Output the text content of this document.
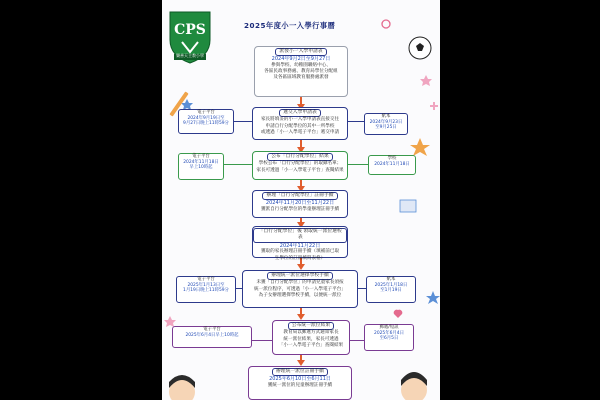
CPS
樂善天主教小學
2025年度小一入學行事曆
派發小一入學申請表
2024年9月2日至9月27日
參與學校、幼稚園聯絡中心、
各區民政事務處、教育局學位分配組
及各區區域教育服務處派發
遞交入學申請表
家長將填妥的小一入學申請表直接交往
申請自行分配學位的其中一所學校
或透過「小一入學電子平台」遞交申請
電子平台
2024年9月19日至
9月27日晚上11時59分
紙本
2024年9月23日
至9月25日
公布「自行分配學位」結果
學校公布「自行分配學位」的取錄名單；
家長可透過「小一入學電子平台」查閱結果
電子平台
2024年11月18日
早上10時起
學校
2024年11月18日
辦理「自行分配學位」註冊手續
2024年11月20日至11月22日
獲派自行分配學位的學童辦理註冊手續
「自行分配學位」後 領取統一派位選校表
2024年11月22日
獲取的家長辦理註冊手續（填補前已取
生學位的註冊填寫表格）
辦理統一派位選擇學校手續
未獲「自行分配學位」的申請兒童家長須按
統一派位程序，可透過「小一入學電子平台」
為子女辦理選擇學校手續，以便統一派位
電子平台
2025年1月13日至
1月19日晚上11時59分
紙本
2025年1月18日
至1月19日
公布統一派位結果
教育局以郵遞方式通知家長
統一派位結果，家長可透過
「小一入學電子平台」查閱結果
電子平台
2025年6月4日早上10時起
郵遞/短訊
2025年6月4日
至6月5日
辦理統一派位註冊手續
2025年6月10日至6月11日
獲統一派位的兒童辦理註冊手續
